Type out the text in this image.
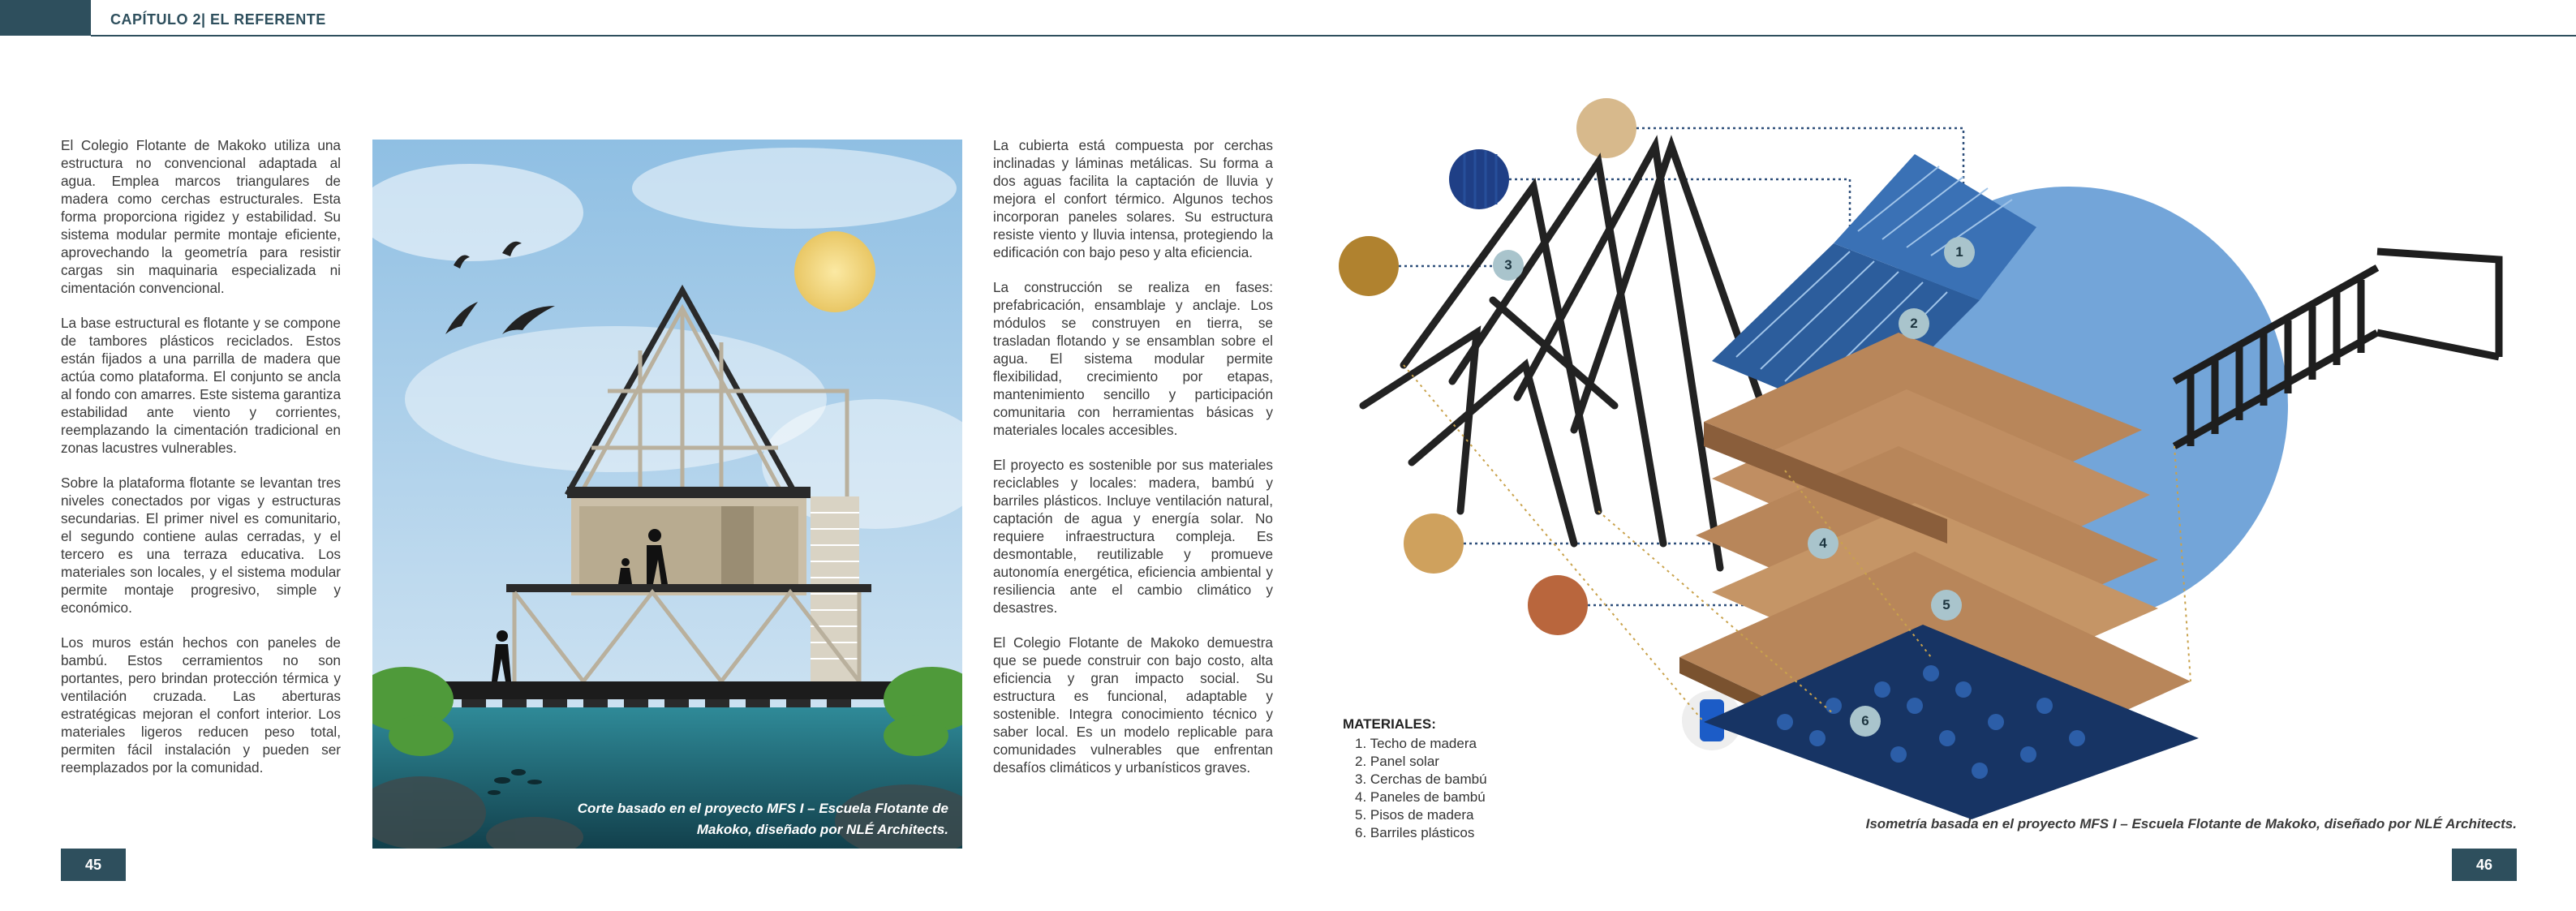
CAPÍTULO 2| EL REFERENTE

El Colegio Flotante de Makoko utiliza una estructura no convencional adaptada al agua. Emplea marcos triangulares de madera como cerchas estructurales. Esta forma proporciona rigidez y estabilidad. Su sistema modular permite montaje eficiente, aprovechando la geometría para resistir cargas sin maquinaria especializada ni cimentación convencional.

La base estructural es flotante y se compone de tambores plásticos reciclados. Estos están fijados a una parrilla de madera que actúa como plataforma. El conjunto se ancla al fondo con amarres. Este sistema garantiza estabilidad ante viento y corrientes, reemplazando la cimentación tradicional en zonas lacustres vulnerables.

Sobre la plataforma flotante se levantan tres niveles conectados por vigas y estructuras secundarias. El primer nivel es comunitario, el segundo contiene aulas cerradas, y el tercero es una terraza educativa. Los materiales son locales, y el sistema modular permite montaje progresivo, simple y económico.

Los muros están hechos con paneles de bambú. Estos cerramientos no son portantes, pero brindan protección térmica y ventilación cruzada. Las aberturas estratégicas mejoran el confort interior. Los materiales ligeros reducen peso total, permiten fácil instalación y pueden ser reemplazados por la comunidad.

Corte basado en el proyecto MFS I – Escuela Flotante de Makoko, diseñado por NLÉ Architects.

La cubierta está compuesta por cerchas inclinadas y láminas metálicas. Su forma a dos aguas facilita la captación de lluvia y mejora el confort térmico. Algunos techos incorporan paneles solares. Su estructura resiste viento y lluvia intensa, protegiendo la edificación con bajo peso y alta eficiencia.

La construcción se realiza en fases: prefabricación, ensamblaje y anclaje. Los módulos se construyen en tierra, se trasladan flotando y se ensamblan sobre el agua. El sistema modular permite flexibilidad, crecimiento por etapas, mantenimiento sencillo y participación comunitaria con herramientas básicas y materiales locales accesibles.

El proyecto es sostenible por sus materiales reciclables y locales: madera, bambú y barriles plásticos. Incluye ventilación natural, captación de agua y energía solar. No requiere infraestructura compleja. Es desmontable, reutilizable y promueve autonomía energética, eficiencia ambiental y resiliencia ante el cambio climático y desastres.

El Colegio Flotante de Makoko demuestra que se puede construir con bajo costo, alta eficiencia y gran impacto social. Su estructura es funcional, adaptable y sostenible. Integra conocimiento técnico y saber local. Es un modelo replicable para comunidades vulnerables que enfrentan desafíos climáticos y urbanísticos graves.

1
2
3
4
5
6
Isometría basada en el proyecto MFS I – Escuela Flotante de Makoko, diseñado por NLÉ Architects.
MATERIALES:
1. Techo de madera
2. Panel solar
3. Cerchas de bambú
4. Paneles de bambú
5. Pisos de madera
6. Barriles plásticos
45	46
